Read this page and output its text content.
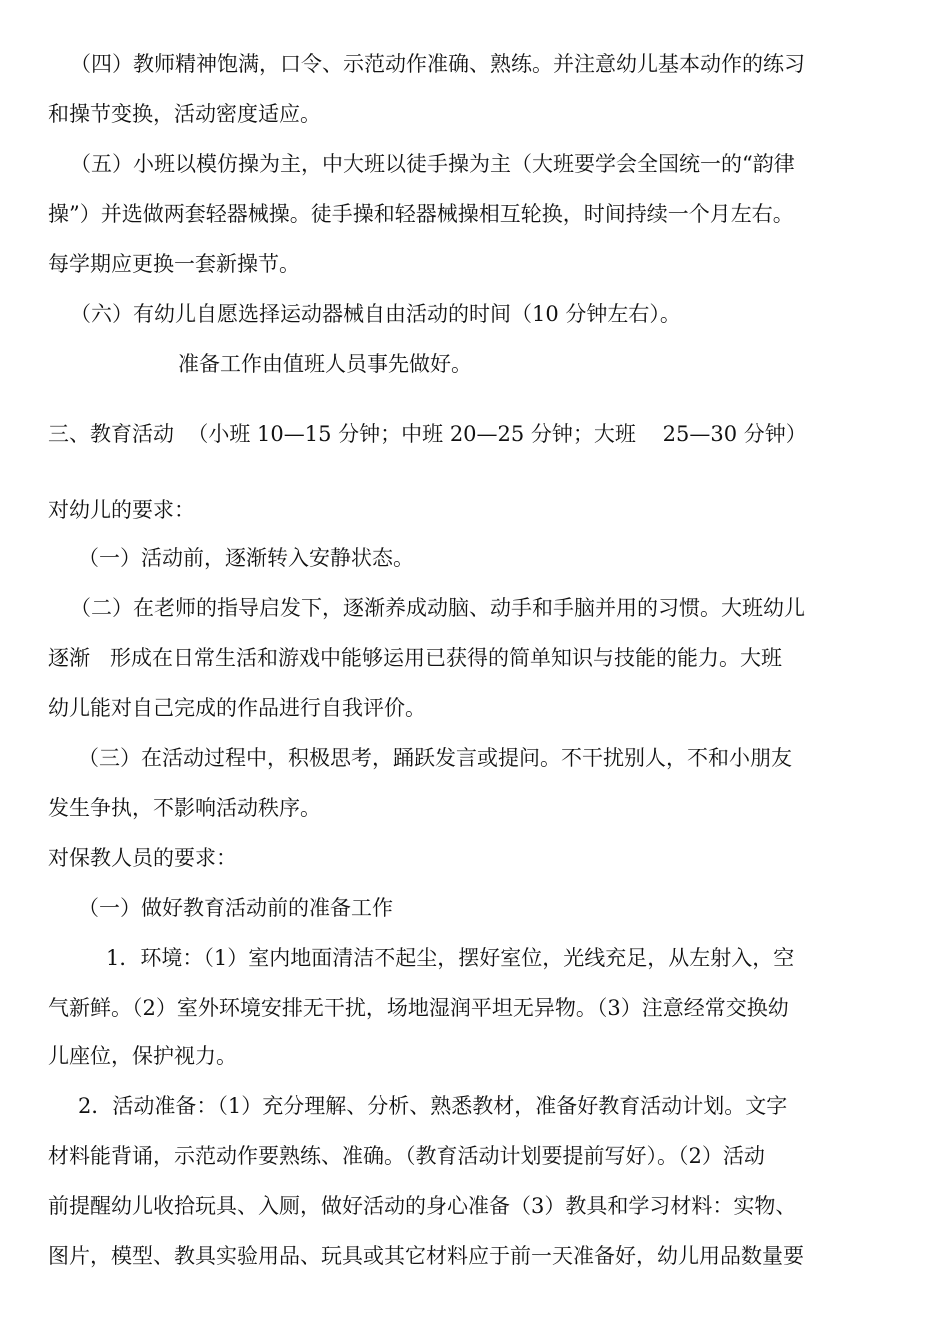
（四）教师精神饱满，口令、示范动作准确、熟练。并注意幼儿基本动作的练习
和操节变换，活动密度适应。
（五）小班以模仿操为主，中大班以徒手操为主（大班要学会全国统一的“韵律
操”）并选做两套轻器械操。徒手操和轻器械操相互轮换，时间持续一个月左右。
每学期应更换一套新操节。
（六）有幼儿自愿选择运动器械自由活动的时间（10 分钟左右）。
准备工作由值班人员事先做好。
三、教育活动  （小班 10—15 分钟；中班 20—25 分钟；大班    25—30 分钟）
对幼儿的要求：
（一）活动前，逐渐转入安静状态。
（二）在老师的指导启发下，逐渐养成动脑、动手和手脑并用的习惯。大班幼儿
逐渐   形成在日常生活和游戏中能够运用已获得的简单知识与技能的能力。大班
幼儿能对自己完成的作品进行自我评价。
（三）在活动过程中，积极思考，踊跃发言或提问。不干扰别人，不和小朋友
发生争执，不影响活动秩序。
对保教人员的要求：
（一）做好教育活动前的准备工作
1．环境：（1）室内地面清洁不起尘，摆好室位，光线充足，从左射入，空
气新鲜。（2）室外环境安排无干扰，场地湿润平坦无异物。（3）注意经常交换幼
儿座位，保护视力。
2．活动准备：（1）充分理解、分析、熟悉教材，准备好教育活动计划。文字
材料能背诵，示范动作要熟练、准确。（教育活动计划要提前写好）。（2）活动
前提醒幼儿收拾玩具、入厕，做好活动的身心准备（3）教具和学习材料：实物、
图片，模型、教具实验用品、玩具或其它材料应于前一天准备好，幼儿用品数量要
